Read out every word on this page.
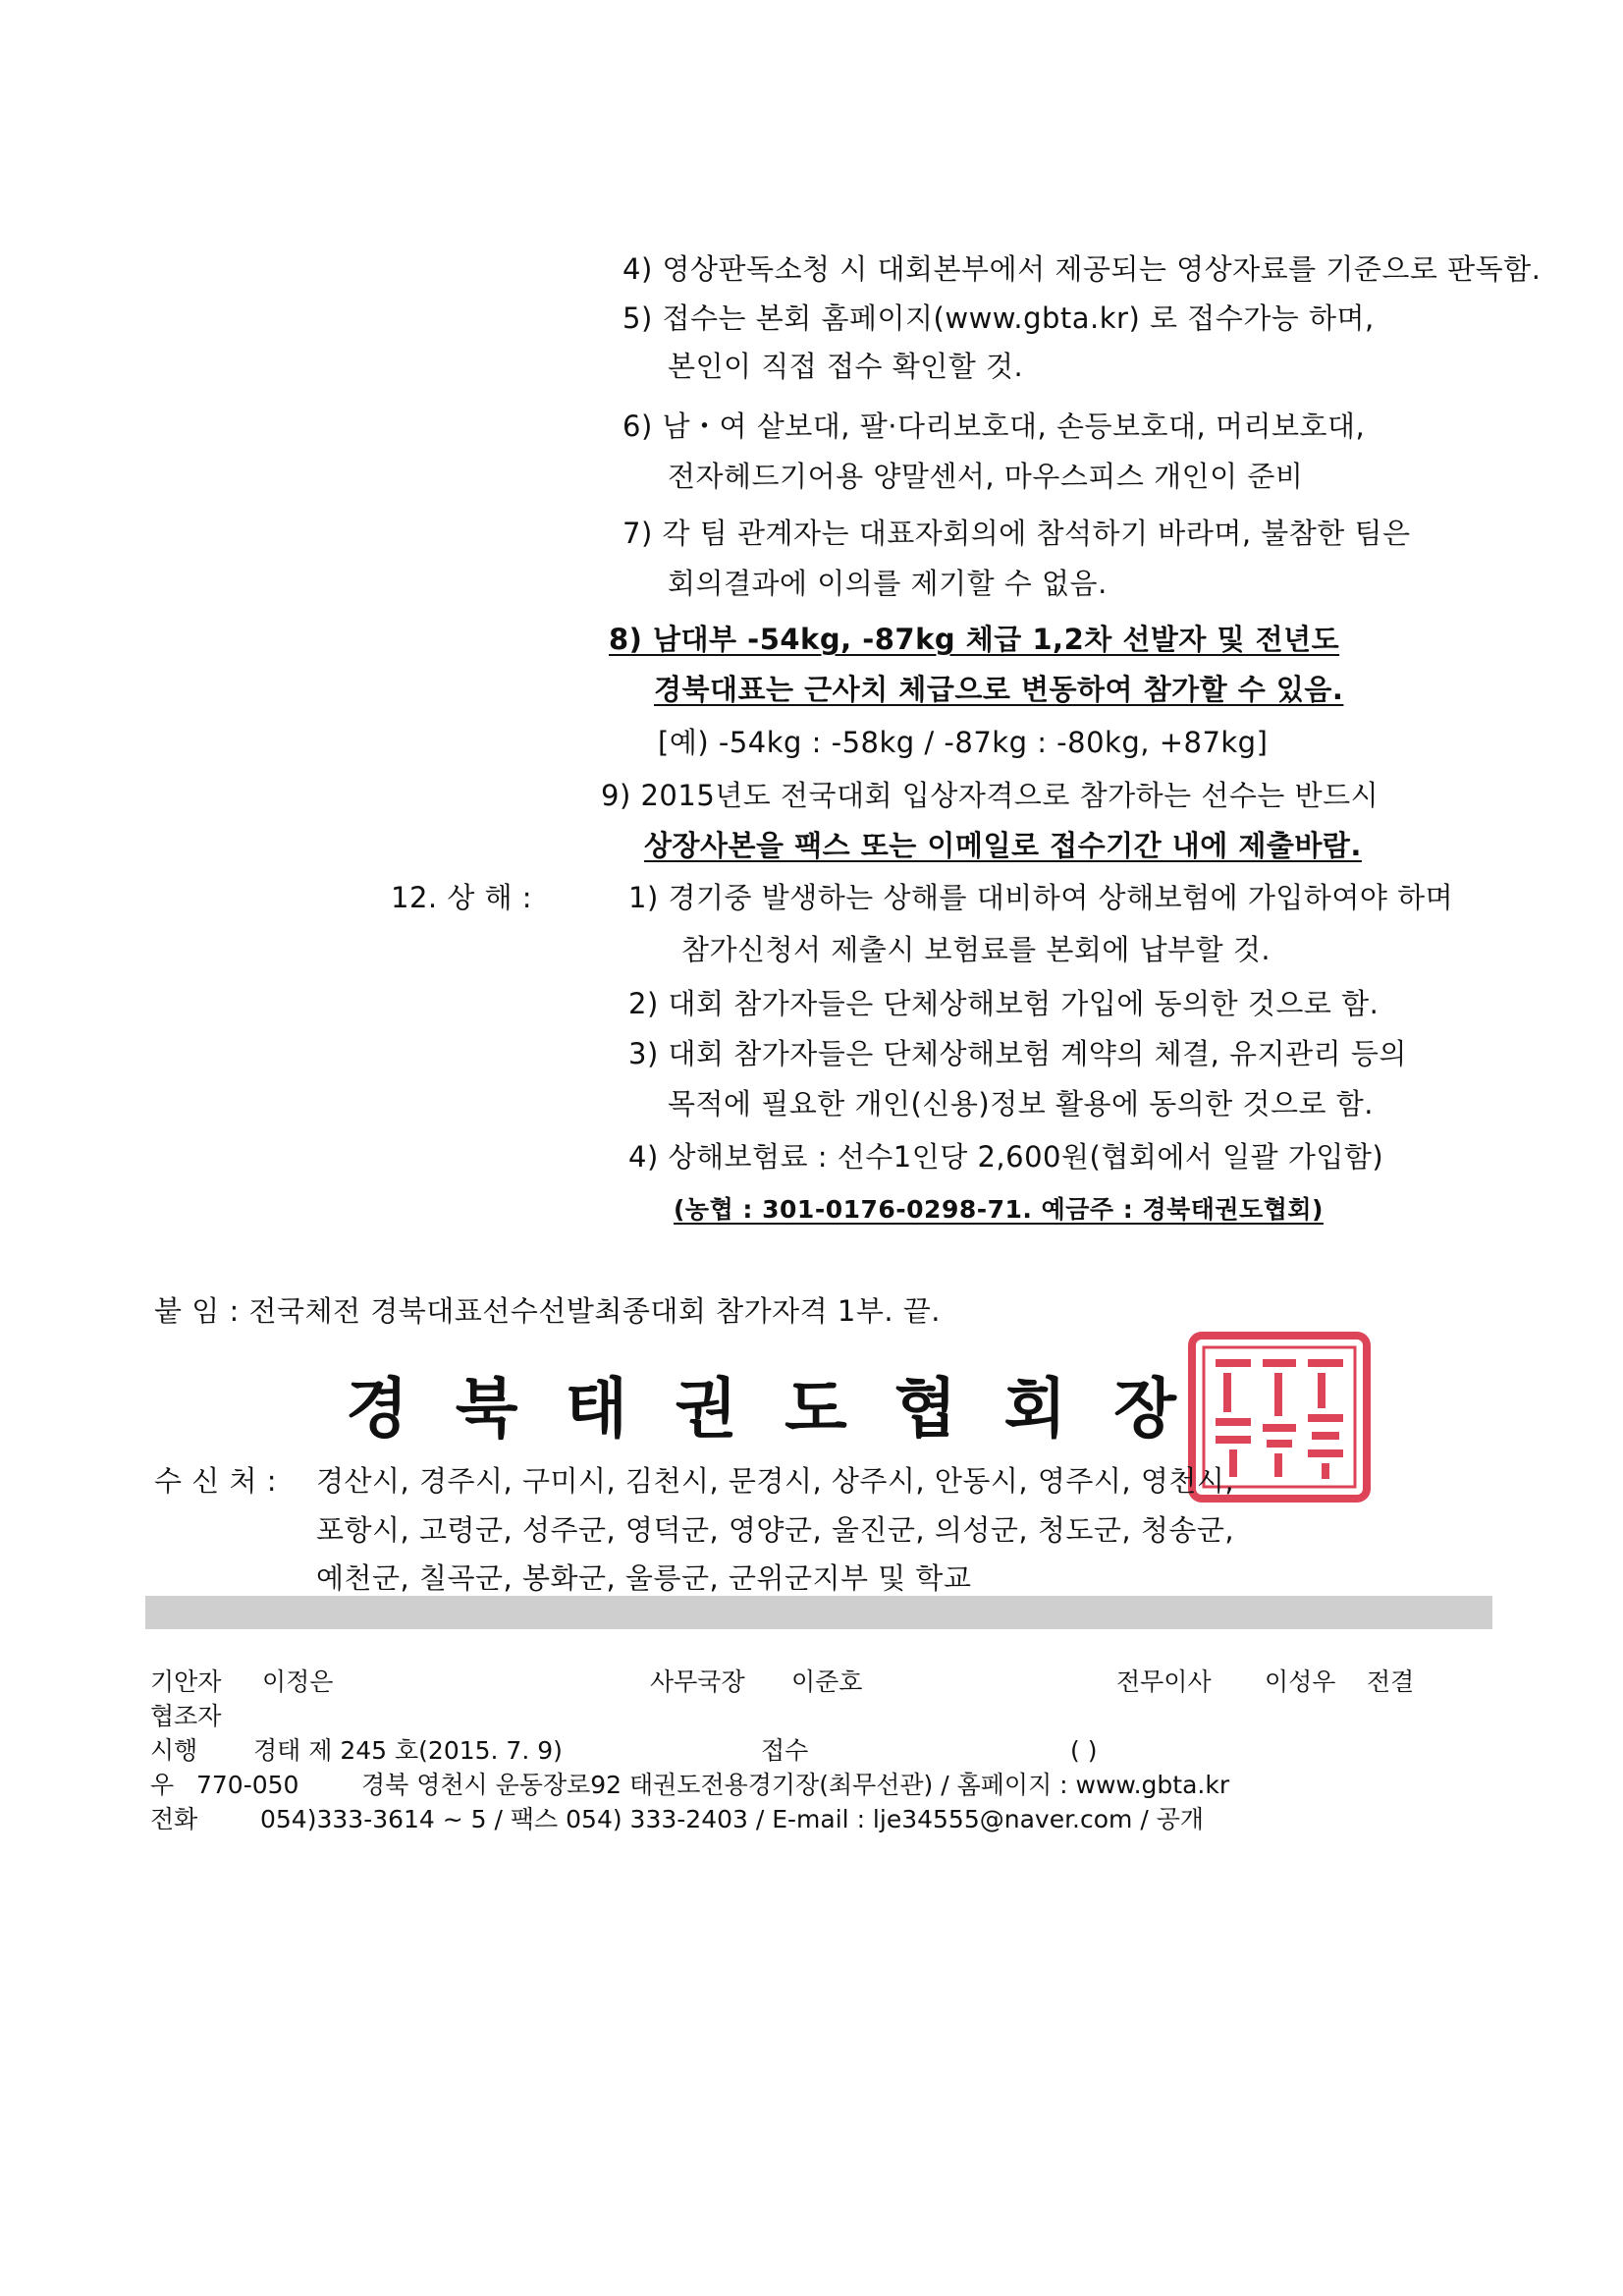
4) 영상판독소청 시 대회본부에서 제공되는 영상자료를 기준으로 판독함.
5) 접수는 본회 홈페이지(www.gbta.kr) 로 접수가능 하며,
본인이 직접 접수 확인할 것.
6) 남・여 샅보대, 팔·다리보호대, 손등보호대, 머리보호대,
전자헤드기어용 양말센서, 마우스피스 개인이 준비
7) 각 팀 관계자는 대표자회의에 참석하기 바라며, 불참한 팀은
회의결과에 이의를 제기할 수 없음.
8) 남대부 -54kg, -87kg 체급 1,2차 선발자 및 전년도
경북대표는 근사치 체급으로 변동하여 참가할 수 있음.
[예) -54kg : -58kg / -87kg : -80kg, +87kg]
9) 2015년도 전국대회 입상자격으로 참가하는 선수는 반드시
상장사본을 팩스 또는 이메일로 접수기간 내에 제출바람.
12. 상 해 :	1) 경기중 발생하는 상해를 대비하여 상해보험에 가입하여야 하며
참가신청서 제출시 보험료를 본회에 납부할 것.
2) 대회 참가자들은 단체상해보험 가입에 동의한 것으로 함.
3) 대회 참가자들은 단체상해보험 계약의 체결, 유지관리 등의
목적에 필요한 개인(신용)정보 활용에 동의한 것으로 함.
4) 상해보험료 : 선수1인당 2,600원(협회에서 일괄 가입함)
(농협 : 301-0176-0298-71. 예금주 : 경북태권도협회)
붙 임 : 전국체전 경북대표선수선발최종대회 참가자격 1부. 끝.
경북태권도협회장
수 신 처 : 경산시, 경주시, 구미시, 김천시, 문경시, 상주시, 안동시, 영주시, 영천시,
포항시, 고령군, 성주군, 영덕군, 영양군, 울진군, 의성군, 청도군, 청송군,
예천군, 칠곡군, 봉화군, 울릉군, 군위군지부 및 학교
기안자 이정은	사무국장 이준호	전무이사 이성우 전결
협조자
시행 경태 제 245 호(2015. 7. 9)	접수	( )
우 770-050	경북 영천시 운동장로92 태권도전용경기장(최무선관) / 홈페이지 : www.gbta.kr
전화	054)333-3614 ~ 5 / 팩스 054) 333-2403 / E-mail : lje34555@naver.com / 공개
